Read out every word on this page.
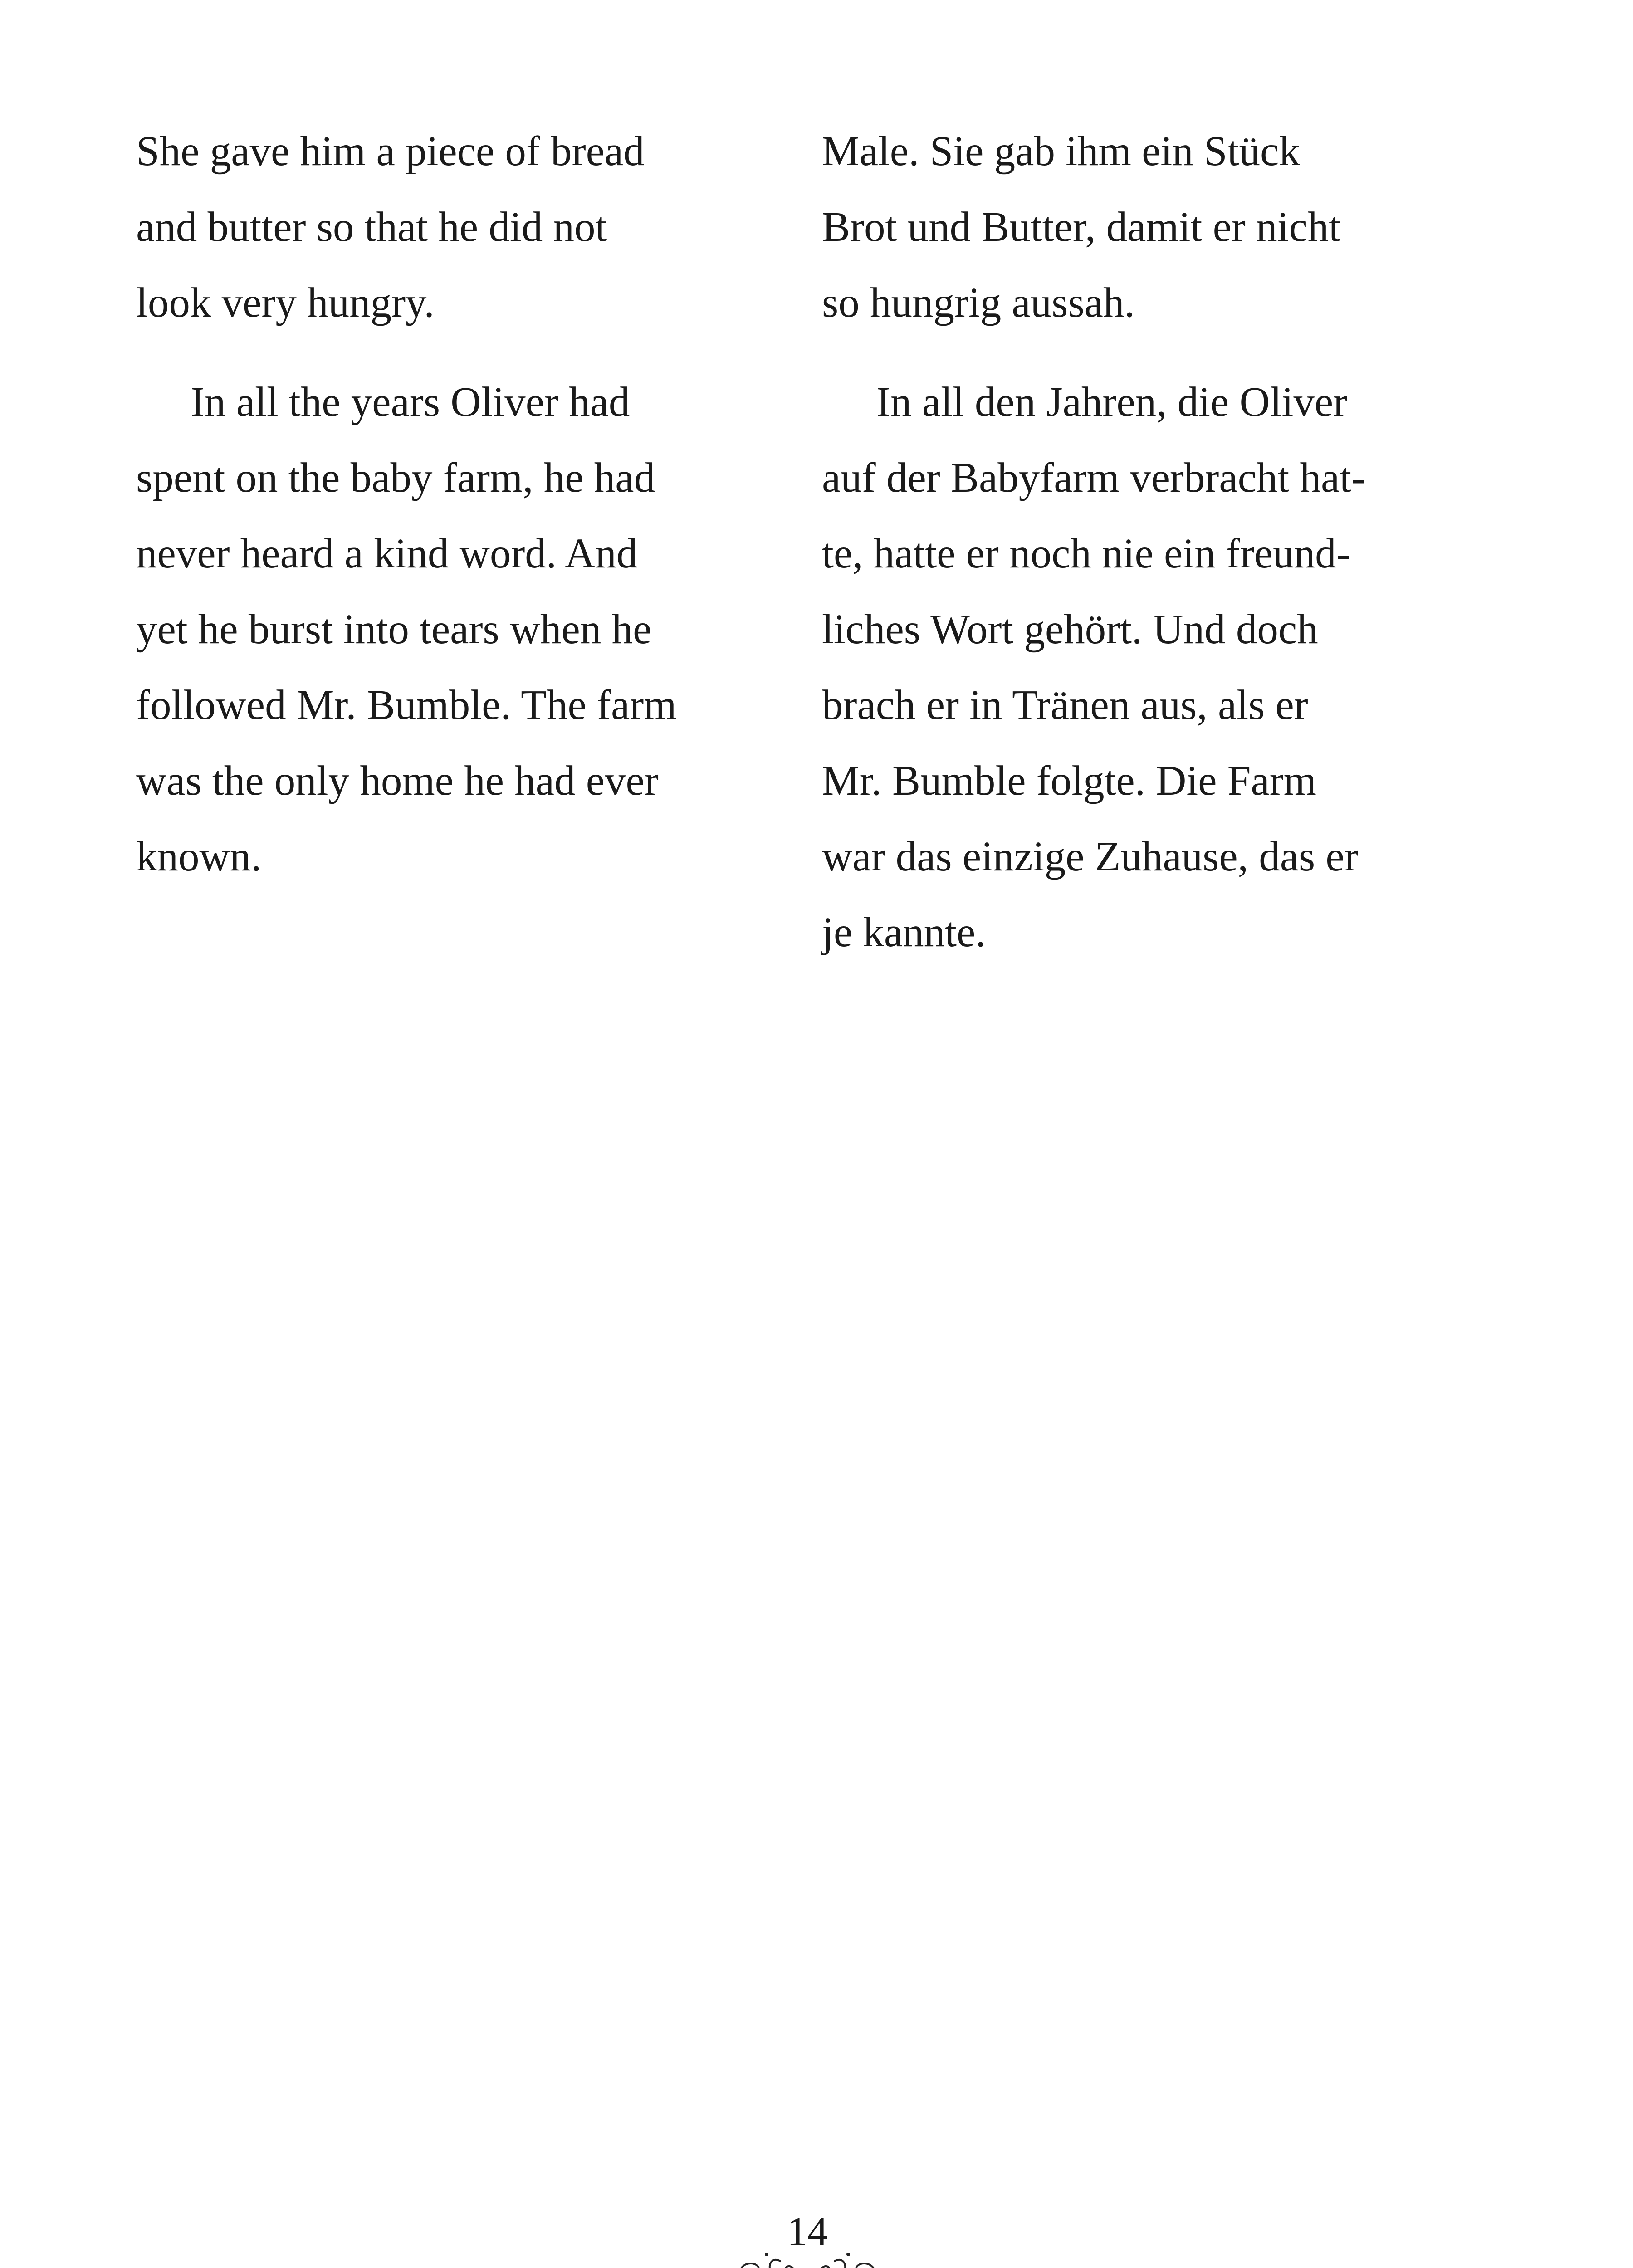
She gave him a piece of bread
and butter so that he did not
look very hungry.
In all the years Oliver had
spent on the baby farm, he had
never heard a kind word. And
yet he burst into tears when he
followed Mr. Bumble. The farm
was the only home he had ever
known.
Male. Sie gab ihm ein Stück
Brot und Butter, damit er nicht
so hungrig aussah.
In all den Jahren, die Oliver
auf der Babyfarm verbracht hat-
te, hatte er noch nie ein freund-
liches Wort gehört. Und doch
brach er in Tränen aus, als er
Mr. Bumble folgte. Die Farm
war das einzige Zuhause, das er
je kannte.
14
